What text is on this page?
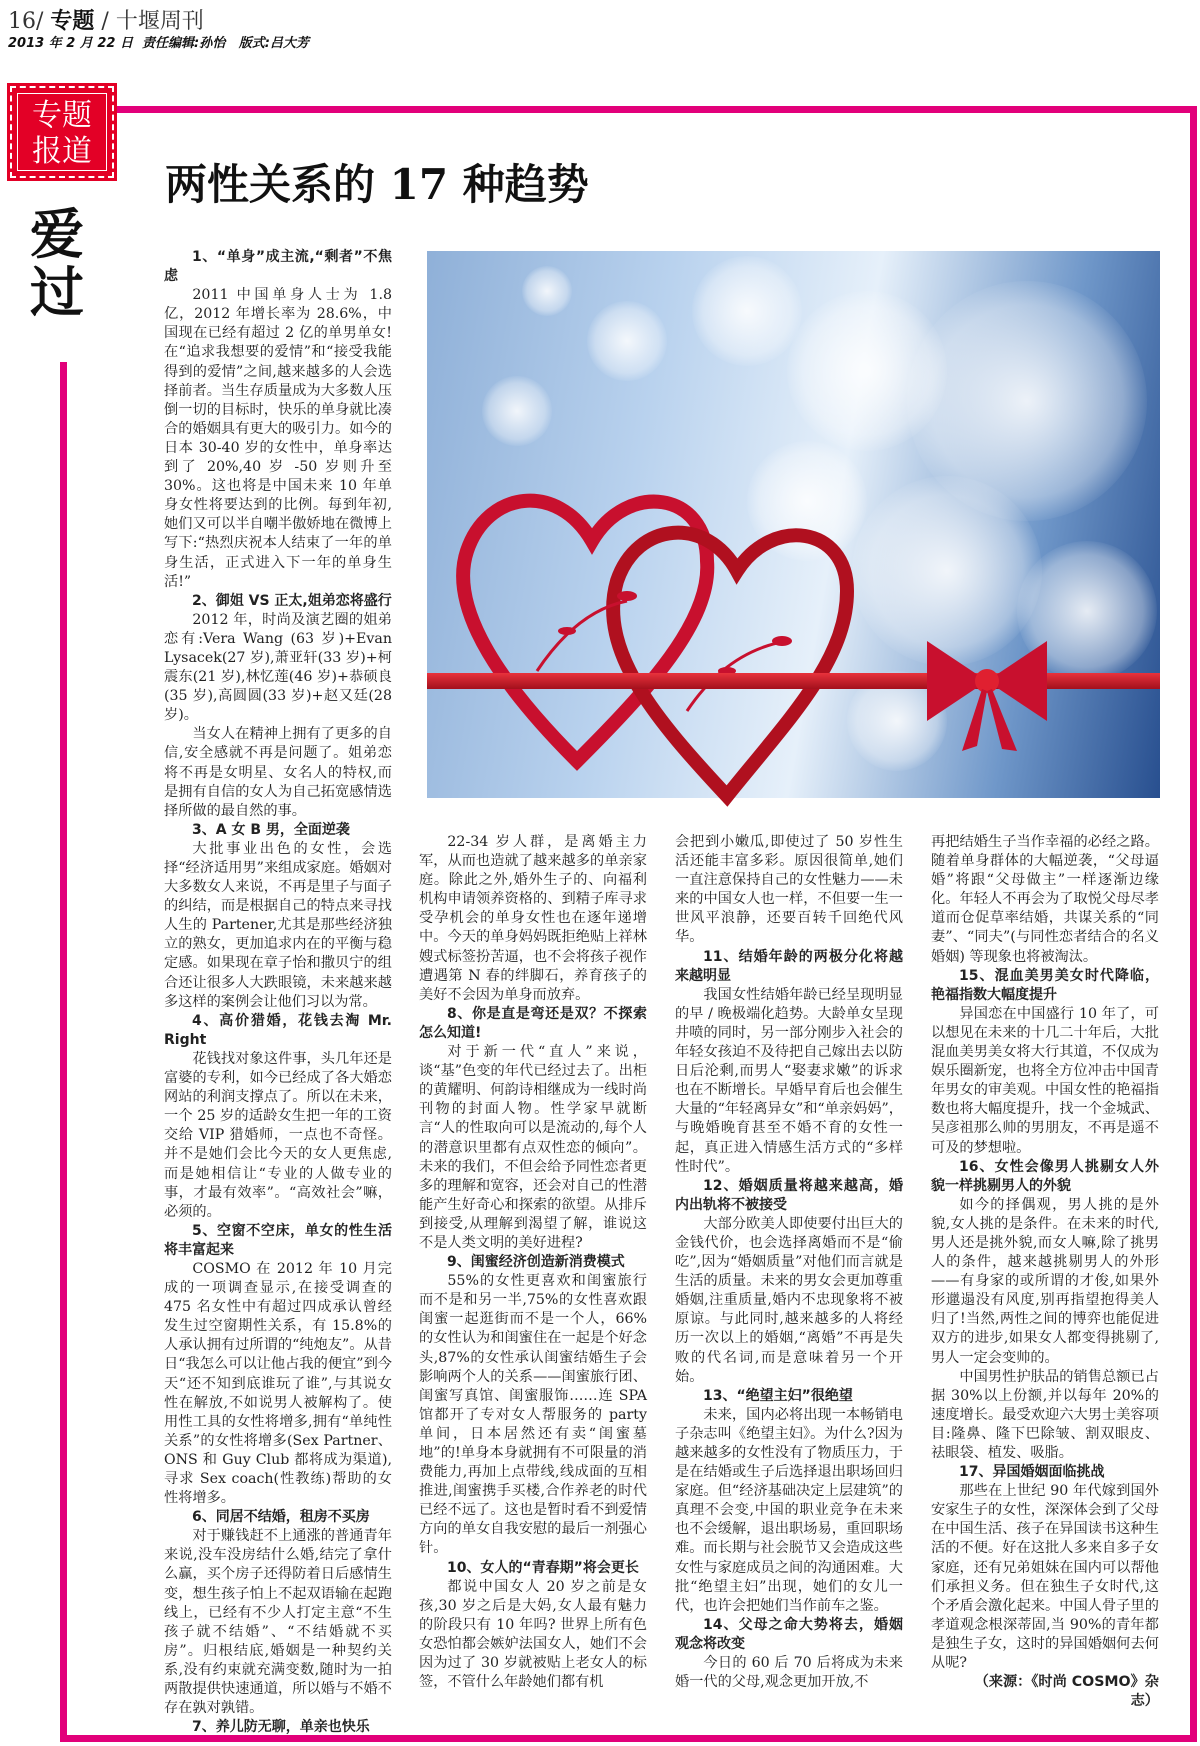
16/ 专题 / 十堰周刊
2013 年 2 月 22 日 责任编辑:孙怡 版式:吕大芳
专题
报道
爱过
两性关系的 17 种趋势
1、“单身”成主流,“剩者”不焦虑

2011 中国单身人士为 1.8 亿，2012 年增长率为 28.6%，中国现在已经有超过 2 亿的单男单女!在“追求我想要的爱情”和“接受我能得到的爱情”之间,越来越多的人会选择前者。当生存质量成为大多数人压倒一切的目标时，快乐的单身就比凑合的婚姻具有更大的吸引力。如今的日本 30-40 岁的女性中，单身率达到了 20%,40 岁 -50 岁则升至 30%。这也将是中国未来 10 年单身女性将要达到的比例。每到年初,她们又可以半自嘲半傲娇地在微博上写下:“热烈庆祝本人结束了一年的单身生活，正式进入下一年的单身生活!”

2、御姐 VS 正太,姐弟恋将盛行

2012 年，时尚及演艺圈的姐弟恋有:Vera Wang (63 岁)+Evan Lysacek(27 岁),萧亚轩(33 岁)+柯震东(21 岁),林忆莲(46 岁)+恭硕良(35 岁),高圆圆(33 岁)+赵又廷(28 岁)。

当女人在精神上拥有了更多的自信,安全感就不再是问题了。姐弟恋将不再是女明星、女名人的特权,而是拥有自信的女人为自己拓宽感情选择所做的最自然的事。

3、A 女 B 男，全面逆袭

大批事业出色的女性，会选择“经济适用男”来组成家庭。婚姻对大多数女人来说，不再是里子与面子的纠结，而是根据自己的特点来寻找人生的 Partener,尤其是那些经济独立的熟女，更加追求内在的平衡与稳定感。如果现在章子怡和撒贝宁的组合还让很多人大跌眼镜，未来越来越多这样的案例会让他们习以为常。

4、高价猎婚，花钱去淘 Mr. Right

花钱找对象这件事，头几年还是富婆的专利，如今已经成了各大婚恋网站的利润支撑点了。所以在未来，一个 25 岁的适龄女生把一年的工资交给 VIP 猎婚师，一点也不奇怪。并不是她们会比今天的女人更焦虑,而是她相信让“专业的人做专业的事，才最有效率”。“高效社会”嘛，必须的。

5、空窗不空床，单女的性生活将丰富起来

COSMO 在 2012 年 10 月完成的一项调查显示,在接受调查的 475 名女性中有超过四成承认曾经发生过空窗期性关系，有 15.8%的人承认拥有过所谓的“纯炮友”。从昔日“我怎么可以让他占我的便宜”到今天“还不知到底谁玩了谁”,与其说女性在解放,不如说男人被解构了。使用性工具的女性将增多,拥有“单纯性关系”的女性将增多(Sex Partner、ONS 和 Guy Club 都将成为渠道),寻求 Sex coach(性教练)帮助的女性将增多。

6、同居不结婚，租房不买房

对于赚钱赶不上通涨的普通青年来说,没车没房结什么婚,结完了拿什么赢，买个房子还得防着日后感情生变，想生孩子怕上不起双语输在起跑线上，已经有不少人打定主意“不生孩子就不结婚”、“不结婚就不买房”。归根结底,婚姻是一种契约关系,没有约束就充满变数,随时为一拍两散提供快速通道，所以婚与不婚不存在孰对孰错。

7、养儿防无聊，单亲也快乐

22-34 岁人群，是离婚主力军，从而也造就了越来越多的单亲家庭。除此之外,婚外生子的、向福利机构申请领养资格的、到精子库寻求受孕机会的单身女性也在逐年递增中。今天的单身妈妈既拒绝贴上祥林嫂式标签扮苦逼，也不会将孩子视作遭遇第 N 春的绊脚石，养育孩子的美好不会因为单身而放弃。

8、你是直是弯还是双？不探索怎么知道!

对于新一代“直人”来说，谈“基”色变的年代已经过去了。出柜的黄耀明、何韵诗相继成为一线时尚刊物的封面人物。性学家早就断言“人的性取向可以是流动的,每个人的潜意识里都有点双性恋的倾向”。未来的我们，不但会给予同性恋者更多的理解和宽容，还会对自己的性潜能产生好奇心和探索的欲望。从排斥到接受,从理解到渴望了解，谁说这不是人类文明的美好进程?

9、闺蜜经济创造新消费模式

55%的女性更喜欢和闺蜜旅行而不是和另一半,75%的女性喜欢跟闺蜜一起逛街而不是一个人，66%的女性认为和闺蜜住在一起是个好念头,87%的女性承认闺蜜结婚生子会影响两个人的关系——闺蜜旅行团、闺蜜写真馆、闺蜜服饰……连 SPA 馆都开了专对女人帮服务的 party 单间，日本居然还有卖“闺蜜墓地”的!单身本身就拥有不可限量的消费能力,再加上点带线,线成面的互相推进,闺蜜携手买楼,合作养老的时代已经不远了。这也是暂时看不到爱情方向的单女自我安慰的最后一剂强心针。

10、女人的“青春期”将会更长

都说中国女人 20 岁之前是女孩,30 岁之后是大妈,女人最有魅力的阶段只有 10 年吗? 世界上所有色女恐怕都会嫉妒法国女人，她们不会因为过了 30 岁就被贴上老女人的标签，不管什么年龄她们都有机

会把到小嫩瓜,即使过了 50 岁性生活还能丰富多彩。原因很简单,她们一直注意保持自己的女性魅力——未来的中国女人也一样，不但要一生一世风平浪静，还要百转千回绝代风华。

11、结婚年龄的两极分化将越来越明显

我国女性结婚年龄已经呈现明显的早 / 晚极端化趋势。大龄单女呈现井喷的同时，另一部分刚步入社会的年轻女孩迫不及待把自己嫁出去以防日后沦剩,而男人“娶妻求嫩”的诉求也在不断增长。早婚早育后也会催生大量的“年轻离异女”和“单亲妈妈”，与晚婚晚育甚至不婚不育的女性一起，真正进入情感生活方式的“多样性时代”。

12、婚姻质量将越来越高，婚内出轨将不被接受

大部分欧美人即使要付出巨大的金钱代价，也会选择离婚而不是“偷吃”,因为“婚姻质量”对他们而言就是生活的质量。未来的男女会更加尊重婚姻,注重质量,婚内不忠现象将不被原谅。与此同时,越来越多的人将经历一次以上的婚姻,“离婚”不再是失败的代名词,而是意味着另一个开始。

13、“绝望主妇”很绝望

未来，国内必将出现一本畅销电子杂志叫《绝望主妇》。为什么?因为越来越多的女性没有了物质压力，于是在结婚或生子后选择退出职场回归家庭。但“经济基础决定上层建筑”的真理不会变,中国的职业竞争在未来也不会缓解，退出职场易，重回职场难。而长期与社会脱节又会造成这些女性与家庭成员之间的沟通困难。大批“绝望主妇”出现，她们的女儿一代，也许会把她们当作前车之鉴。

14、父母之命大势将去，婚姻观念将改变

今日的 60 后 70 后将成为未来婚一代的父母,观念更加开放,不

再把结婚生子当作幸福的必经之路。随着单身群体的大幅逆袭，“父母逼婚”将跟“父母做主”一样逐渐边缘化。年轻人不再会为了取悦父母尽孝道而仓促草率结婚，共谋关系的“同妻”、“同夫”(与同性恋者结合的名义婚姻) 等现象也将被淘汰。

15、混血美男美女时代降临，艳福指数大幅度提升

异国恋在中国盛行 10 年了，可以想见在未来的十几二十年后，大批混血美男美女将大行其道，不仅成为娱乐圈新宠，也将全方位冲击中国青年男女的审美观。中国女性的艳福指数也将大幅度提升，找一个金城武、吴彦祖那么帅的男朋友，不再是遥不可及的梦想啦。

16、女性会像男人挑剔女人外貌一样挑剔男人的外貌

如今的择偶观，男人挑的是外貌,女人挑的是条件。在未来的时代,男人还是挑外貌,而女人嘛,除了挑男人的条件，越来越挑剔男人的外形——有身家的或所谓的才俊,如果外形邋遢没有风度,别再指望抱得美人归了!当然,两性之间的博弈也能促进双方的进步,如果女人都变得挑剔了,男人一定会变帅的。

中国男性护肤品的销售总额已占据 30%以上份额,并以每年 20%的速度增长。最受欢迎六大男士美容项目:隆鼻、隆下巴除皱、割双眼皮、祛眼袋、植发、吸脂。

17、异国婚姻面临挑战

那些在上世纪 90 年代嫁到国外安家生子的女性，深深体会到了父母在中国生活、孩子在异国读书这种生活的不便。好在这批人多来自多子女家庭，还有兄弟姐妹在国内可以帮他们承担义务。但在独生子女时代,这个矛盾会激化起来。中国人骨子里的孝道观念根深蒂固,当 90%的青年都是独生子女，这时的异国婚姻何去何从呢?

（来源：《时尚 COSMO》杂志）
